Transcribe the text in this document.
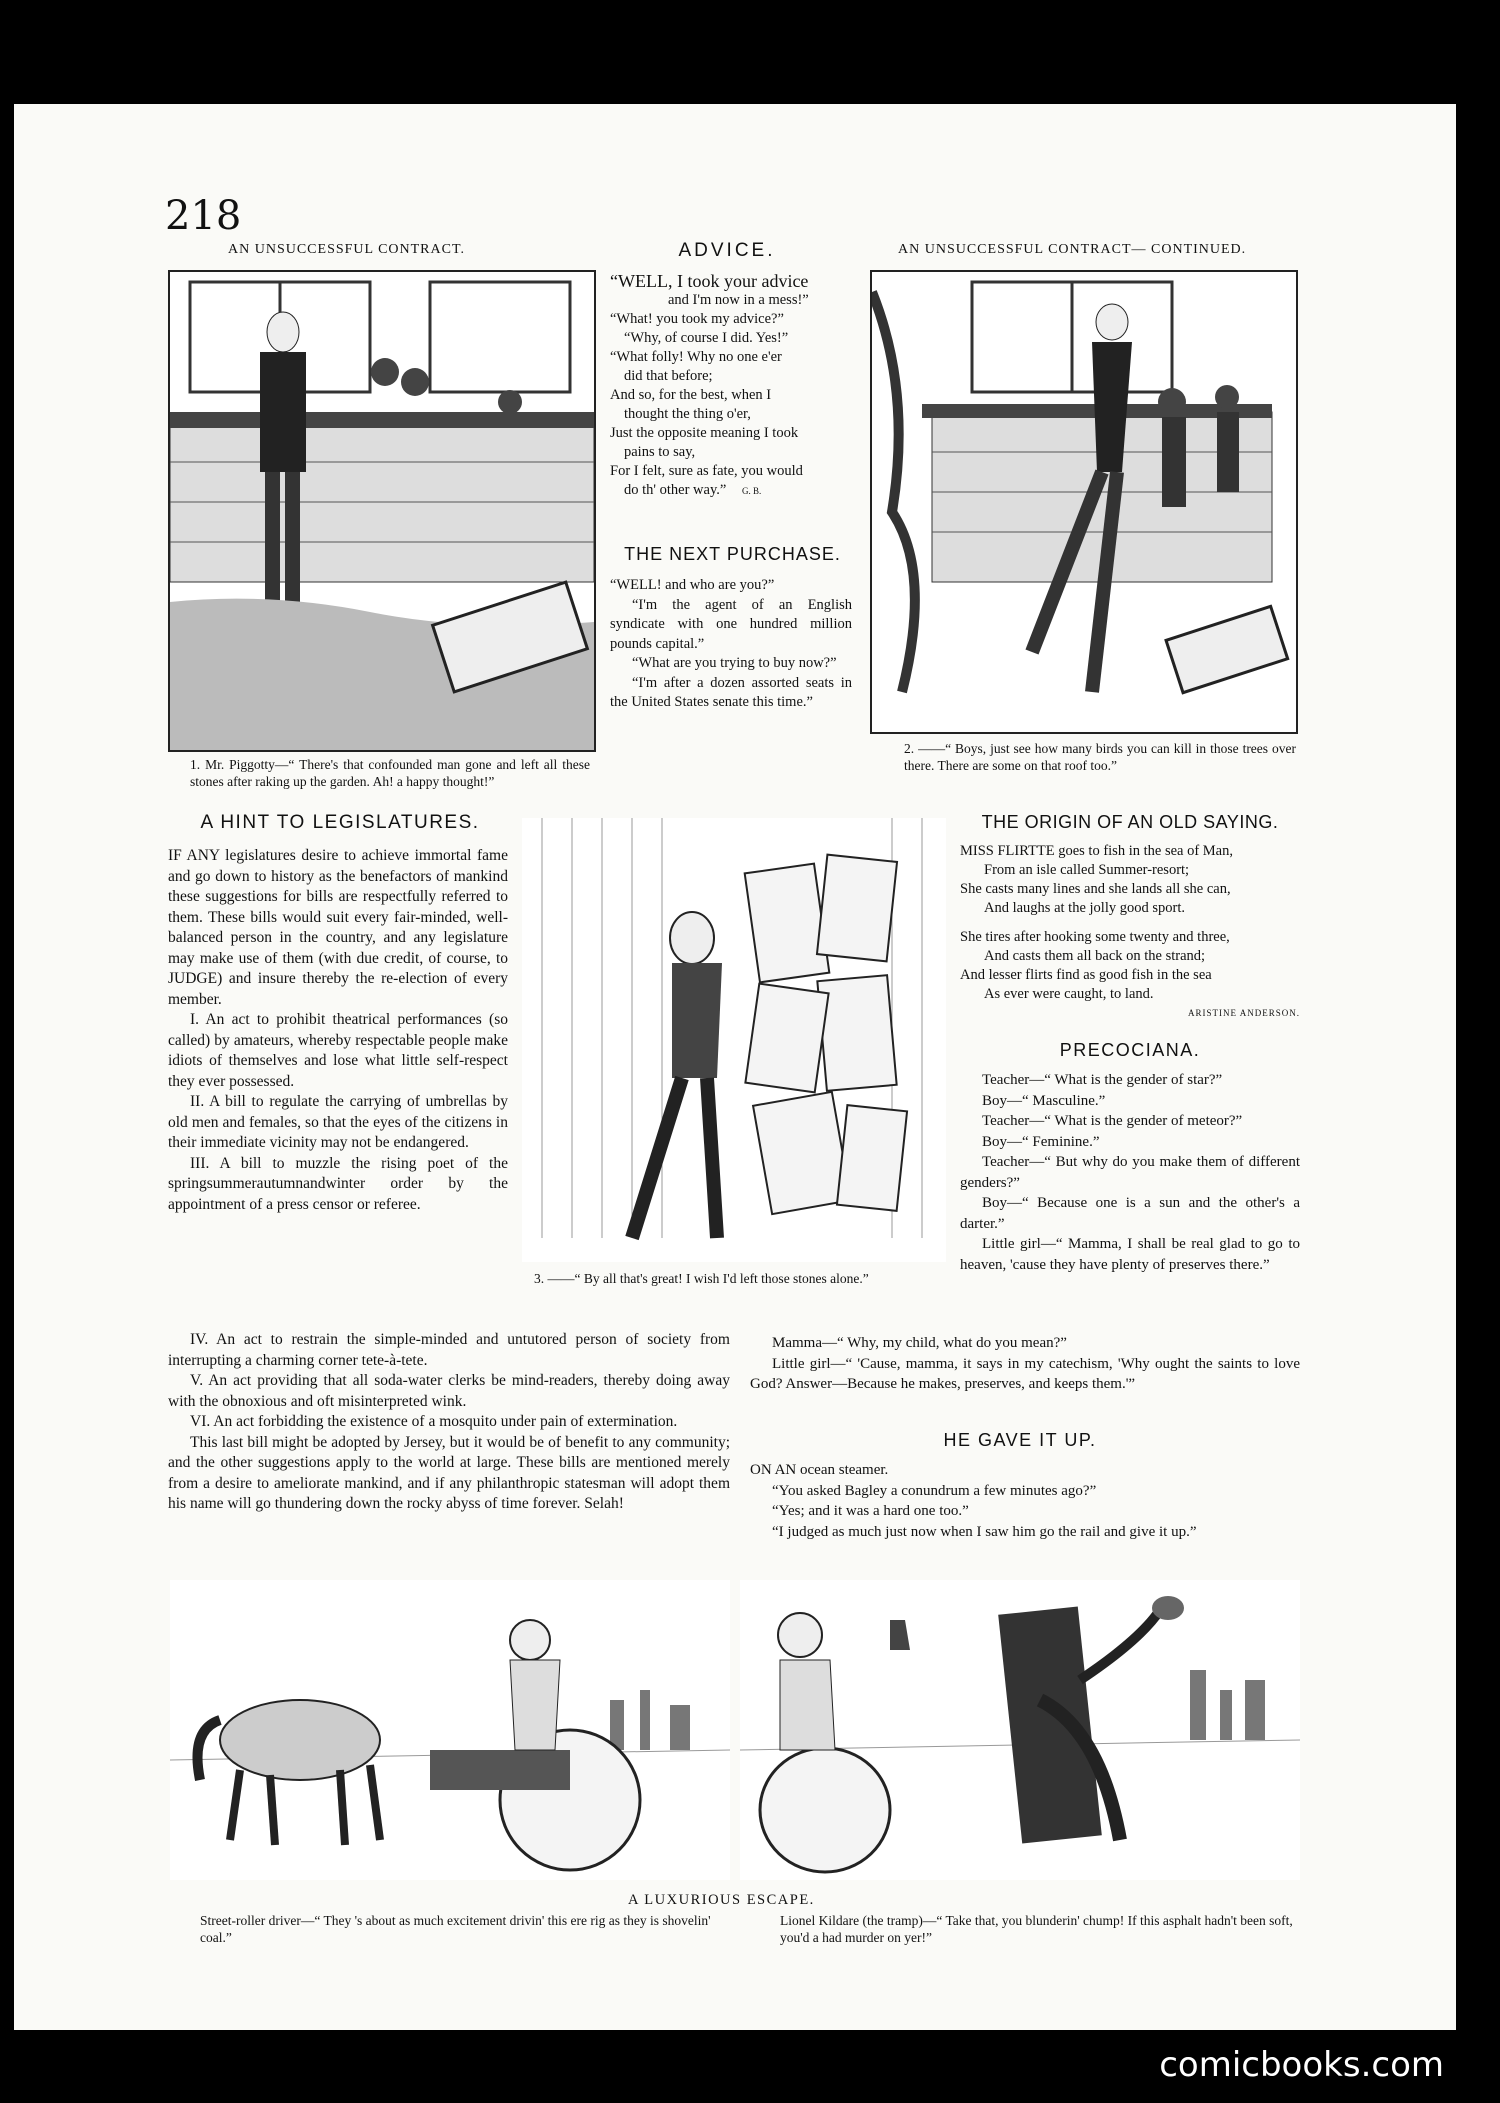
218
AN UNSUCCESSFUL CONTRACT.
1. Mr. Piggotty—“ There's that confounded man gone and left all these stones after raking up the garden. Ah! a happy thought!”
ADVICE.

“WELL, I took your advice

and I'm now in a mess!”

“What! you took my advice?”

“Why, of course I did. Yes!”

“What folly! Why no one e'er

did that before;

And so, for the best, when I

thought the thing o'er,

Just the opposite meaning I took

pains to say,

For I felt, sure as fate, you would

do th' other way.” G. B.

THE NEXT PURCHASE.

“WELL! and who are you?”

“I'm the agent of an English syndicate with one hundred million pounds capital.”

“What are you trying to buy now?”

“I'm after a dozen assorted seats in the United States senate this time.”

AN UNSUCCESSFUL CONTRACT— CONTINUED.
2. ——“ Boys, just see how many birds you can kill in those trees over there. There are some on that roof too.”
A HINT TO LEGISLATURES.

IF ANY legislatures desire to achieve immortal fame and go down to history as the benefactors of mankind these suggestions for bills are respectfully referred to them. These bills would suit every fair-minded, well-balanced person in the country, and any legislature may make use of them (with due credit, of course, to JUDGE) and insure thereby the re-election of every member.

I. An act to prohibit theatrical performances (so called) by amateurs, whereby respectable people make idiots of themselves and lose what little self-respect they ever possessed.

II. A bill to regulate the carrying of umbrellas by old men and females, so that the eyes of the citizens in their immediate vicinity may not be endangered.

III. A bill to muzzle the rising poet of the springsummerautumnandwinter order by the appointment of a press censor or referee.

IV. An act to restrain the simple-minded and untutored person of society from interrupting a charming corner tete-à-tete.

V. An act providing that all soda-water clerks be mind-readers, thereby doing away with the obnoxious and oft misinterpreted wink.

VI. An act forbidding the existence of a mosquito under pain of extermination.

This last bill might be adopted by Jersey, but it would be of benefit to any community; and the other suggestions apply to the world at large. These bills are mentioned merely from a desire to ameliorate mankind, and if any philanthropic statesman will adopt them his name will go thundering down the rocky abyss of time forever. Selah!

3. ——“ By all that's great! I wish I'd left those stones alone.”
THE ORIGIN OF AN OLD SAYING.

MISS FLIRTTE goes to fish in the sea of Man,

From an isle called Summer-resort;

She casts many lines and she lands all she can,

And laughs at the jolly good sport.

She tires after hooking some twenty and three,

And casts them all back on the strand;

And lesser flirts find as good fish in the sea

As ever were caught, to land.

ARISTINE ANDERSON.

PRECOCIANA.

Teacher—“ What is the gender of star?”

Boy—“ Masculine.”

Teacher—“ What is the gender of meteor?”

Boy—“ Feminine.”

Teacher—“ But why do you make them of different genders?”

Boy—“ Because one is a sun and the other's a darter.”

Little girl—“ Mamma, I shall be real glad to go to heaven, 'cause they have plenty of preserves there.”

Mamma—“ Why, my child, what do you mean?”

Little girl—“ 'Cause, mamma, it says in my catechism, 'Why ought the saints to love God? Answer—Because he makes, preserves, and keeps them.'”

HE GAVE IT UP.

ON AN ocean steamer.

“You asked Bagley a conundrum a few minutes ago?”

“Yes; and it was a hard one too.”

“I judged as much just now when I saw him go the rail and give it up.”

A LUXURIOUS ESCAPE.
Street-roller driver—“ They 's about as much excitement drivin' this ere rig as they is shovelin' coal.”
Lionel Kildare (the tramp)—“ Take that, you blunderin' chump! If this asphalt hadn't been soft, you'd a had murder on yer!”
comicbooks.com
